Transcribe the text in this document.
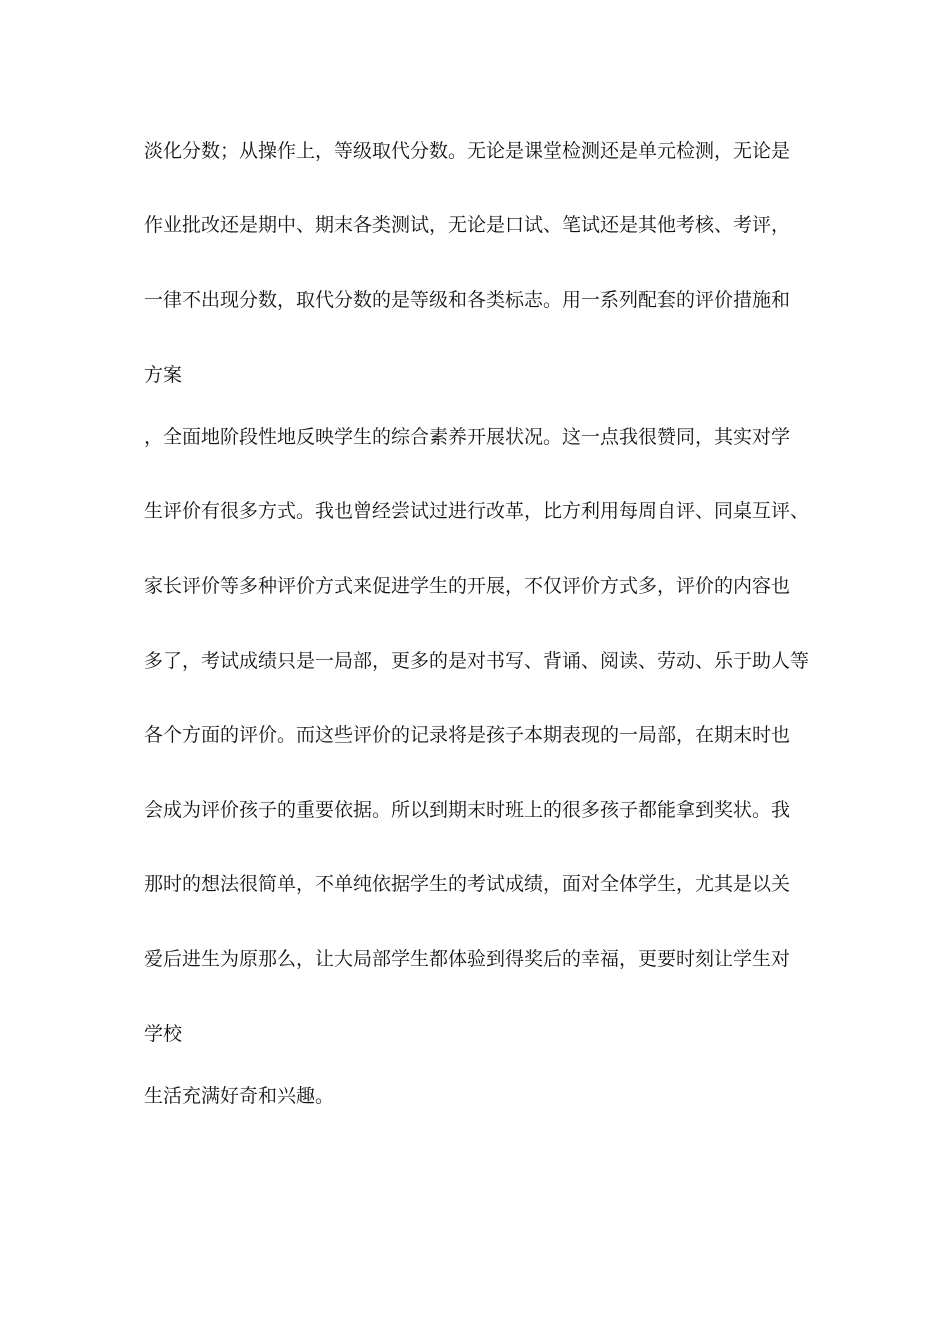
淡化分数；从操作上，等级取代分数。无论是课堂检测还是单元检测，无论是
作业批改还是期中、期末各类测试，无论是口试、笔试还是其他考核、考评，
一律不出现分数，取代分数的是等级和各类标志。用一系列配套的评价措施和
方案
，全面地阶段性地反映学生的综合素养开展状况。这一点我很赞同，其实对学
生评价有很多方式。我也曾经尝试过进行改革，比方利用每周自评、同桌互评、
家长评价等多种评价方式来促进学生的开展，不仅评价方式多，评价的内容也
多了，考试成绩只是一局部，更多的是对书写、背诵、阅读、劳动、乐于助人等
各个方面的评价。而这些评价的记录将是孩子本期表现的一局部，在期末时也
会成为评价孩子的重要依据。所以到期末时班上的很多孩子都能拿到奖状。我
那时的想法很简单，不单纯依据学生的考试成绩，面对全体学生，尤其是以关
爱后进生为原那么，让大局部学生都体验到得奖后的幸福，更要时刻让学生对
学校
生活充满好奇和兴趣。
